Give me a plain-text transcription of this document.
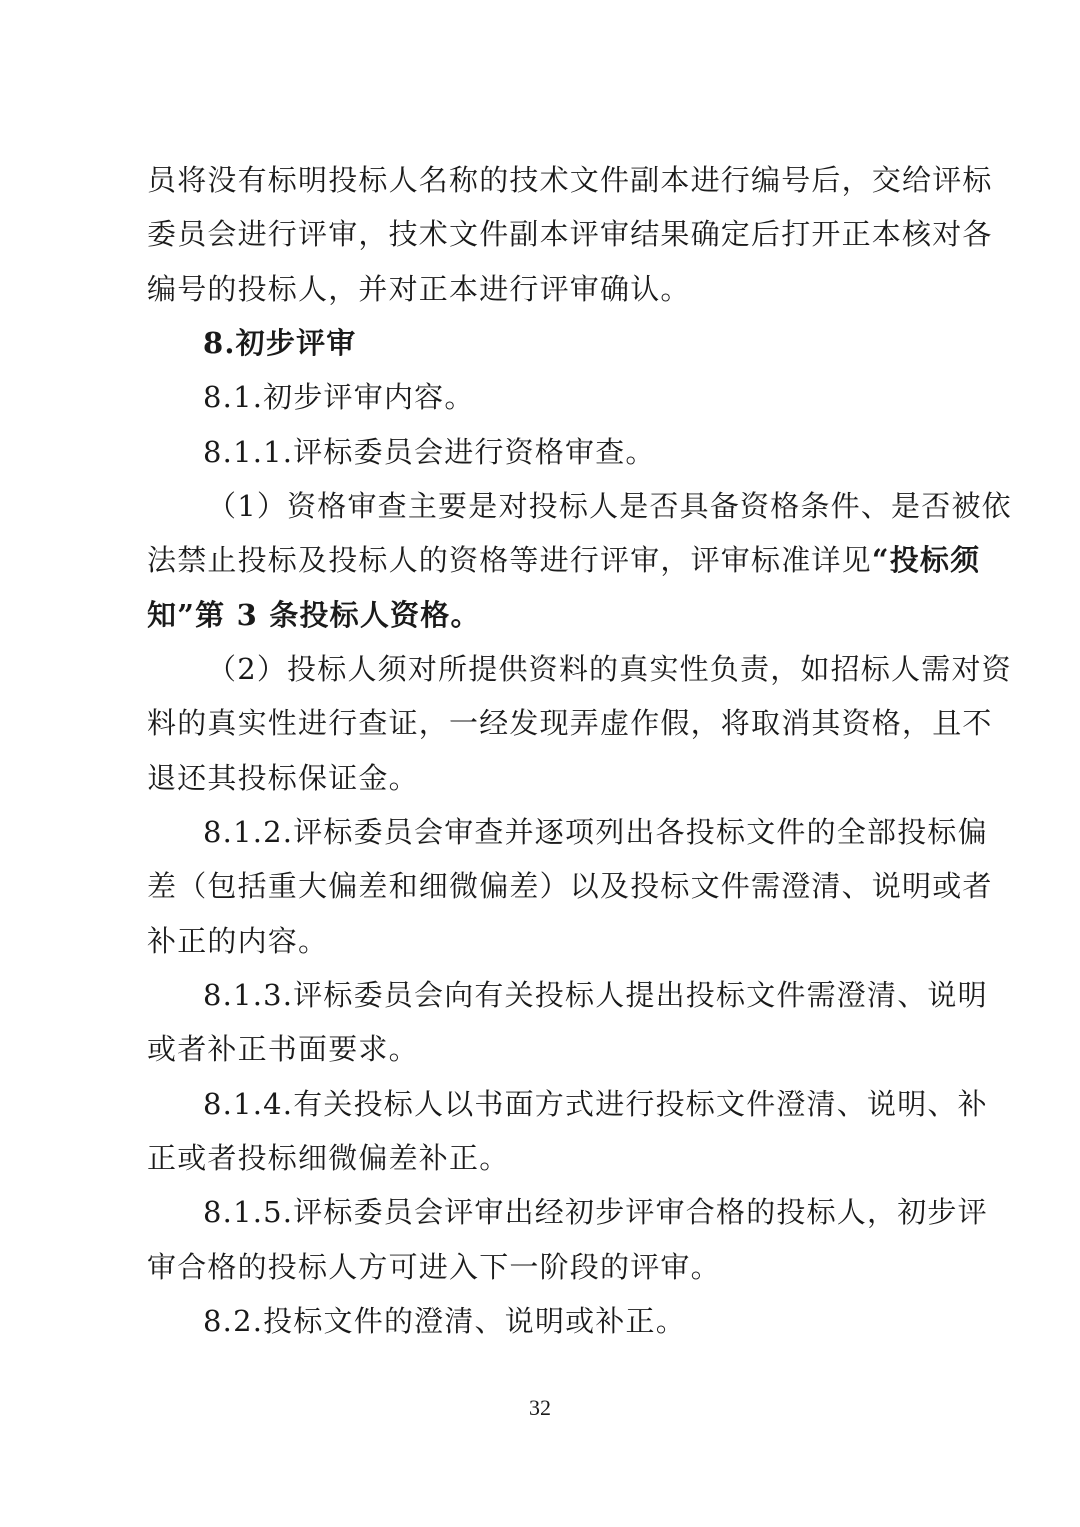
员将没有标明投标人名称的技术文件副本进行编号后，交给评标
委员会进行评审，技术文件副本评审结果确定后打开正本核对各
编号的投标人，并对正本进行评审确认。
8.初步评审
8.1.初步评审内容。
8.1.1.评标委员会进行资格审查。
（1）资格审查主要是对投标人是否具备资格条件、是否被依
法禁止投标及投标人的资格等进行评审，评审标准详见“投标须
知”第 3 条投标人资格。
（2）投标人须对所提供资料的真实性负责，如招标人需对资
料的真实性进行查证，一经发现弄虚作假，将取消其资格，且不
退还其投标保证金。
8.1.2.评标委员会审查并逐项列出各投标文件的全部投标偏
差（包括重大偏差和细微偏差）以及投标文件需澄清、说明或者
补正的内容。
8.1.3.评标委员会向有关投标人提出投标文件需澄清、说明
或者补正书面要求。
8.1.4.有关投标人以书面方式进行投标文件澄清、说明、补
正或者投标细微偏差补正。
8.1.5.评标委员会评审出经初步评审合格的投标人，初步评
审合格的投标人方可进入下一阶段的评审。
8.2.投标文件的澄清、说明或补正。
32
